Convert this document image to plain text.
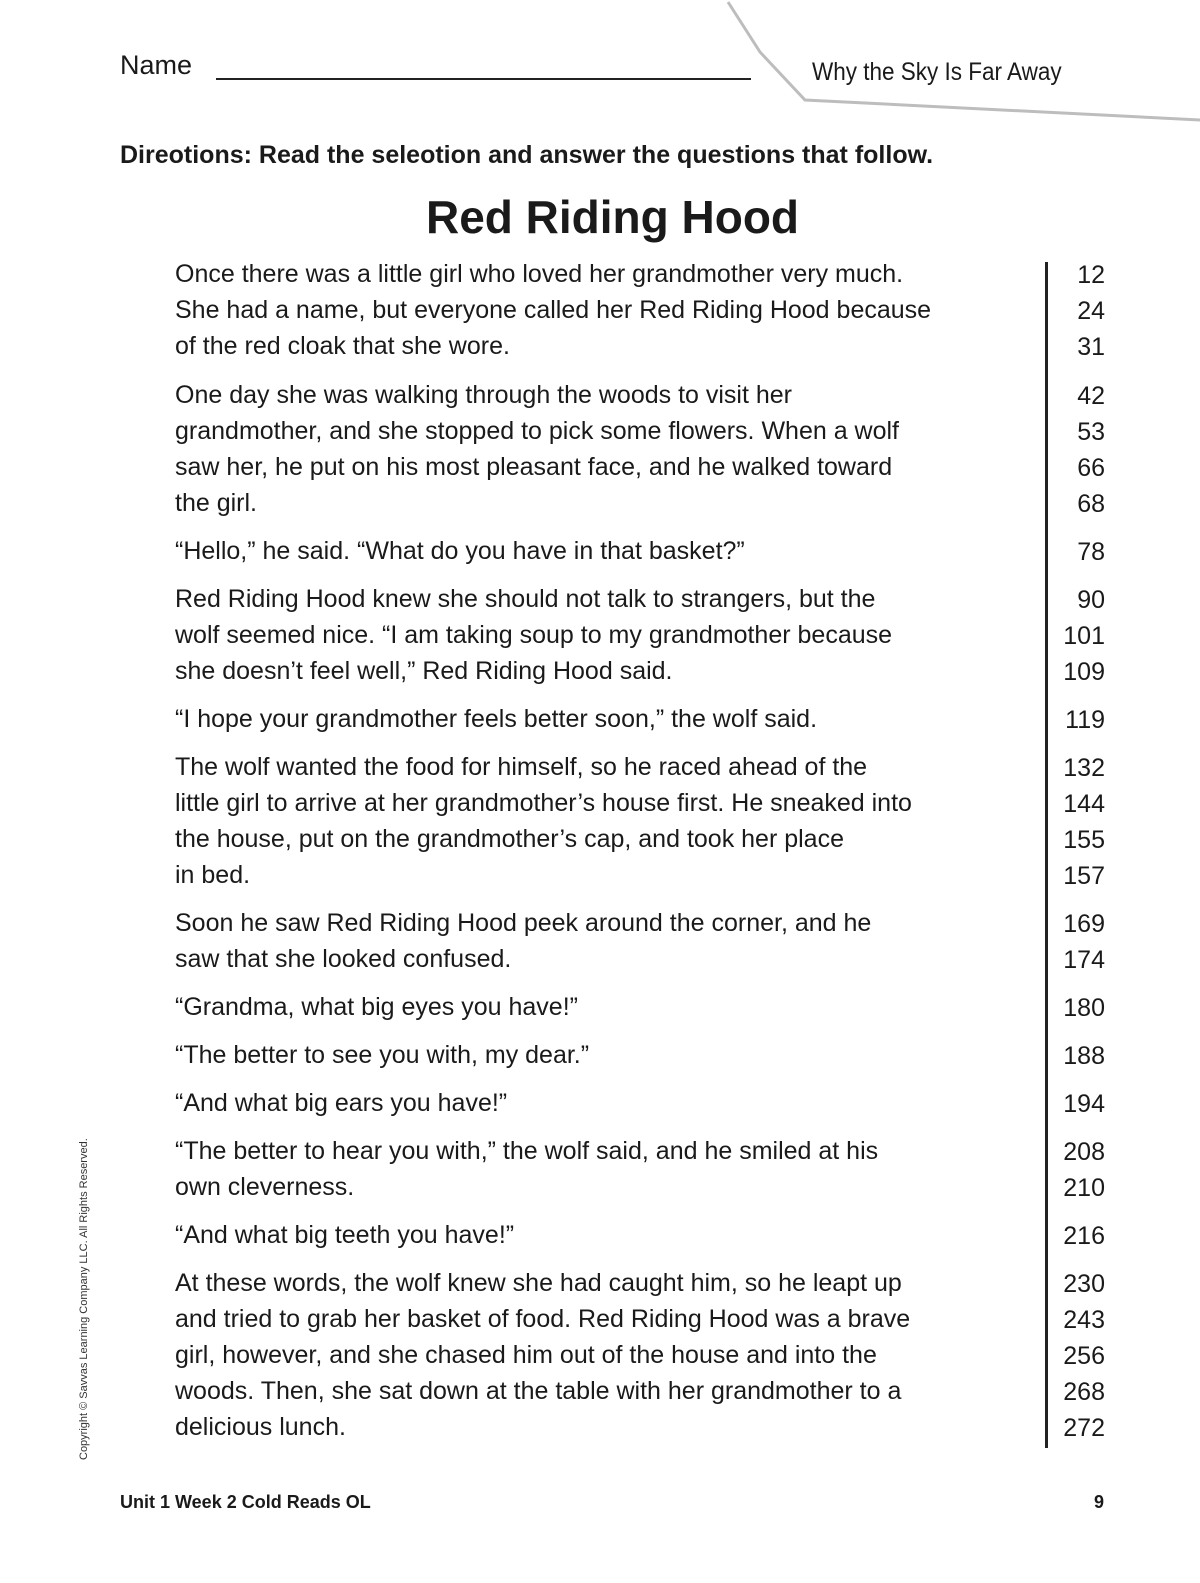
Name	Why the Sky Is Far Away
Direotions: Read the seleotion and answer the questions that follow.
Red Riding Hood
Once there was a little girl who loved her grandmother very much.	12
She had a name, but everyone called her Red Riding Hood because	24
of the red cloak that she wore.	31
One day she was walking through the woods to visit her	42
grandmother, and she stopped to pick some flowers. When a wolf	53
saw her, he put on his most pleasant face, and he walked toward	66
the girl.	68
“Hello,” he said. “What do you have in that basket?”	78
Red Riding Hood knew she should not talk to strangers, but the	90
wolf seemed nice. “I am taking soup to my grandmother because	101
she doesn’t feel well,” Red Riding Hood said.	109
“I hope your grandmother feels better soon,” the wolf said.	119
The wolf wanted the food for himself, so he raced ahead of the	132
little girl to arrive at her grandmother’s house first. He sneaked into	144
the house, put on the grandmother’s cap, and took her place	155
in bed.	157
Soon he saw Red Riding Hood peek around the corner, and he	169
saw that she looked confused.	174
“Grandma, what big eyes you have!”	180
“The better to see you with, my dear.”	188
“And what big ears you have!”	194
“The better to hear you with,” the wolf said, and he smiled at his	208
own cleverness.	210
“And what big teeth you have!”	216
At these words, the wolf knew she had caught him, so he leapt up	230
and tried to grab her basket of food. Red Riding Hood was a brave	243
girl, however, and she chased him out of the house and into the	256
woods. Then, she sat down at the table with her grandmother to a	268
delicious lunch.	272
Copyright © Savvas Learning Company LLC. All Rights Reserved.
Unit 1 Week 2 Cold Reads OL	9
